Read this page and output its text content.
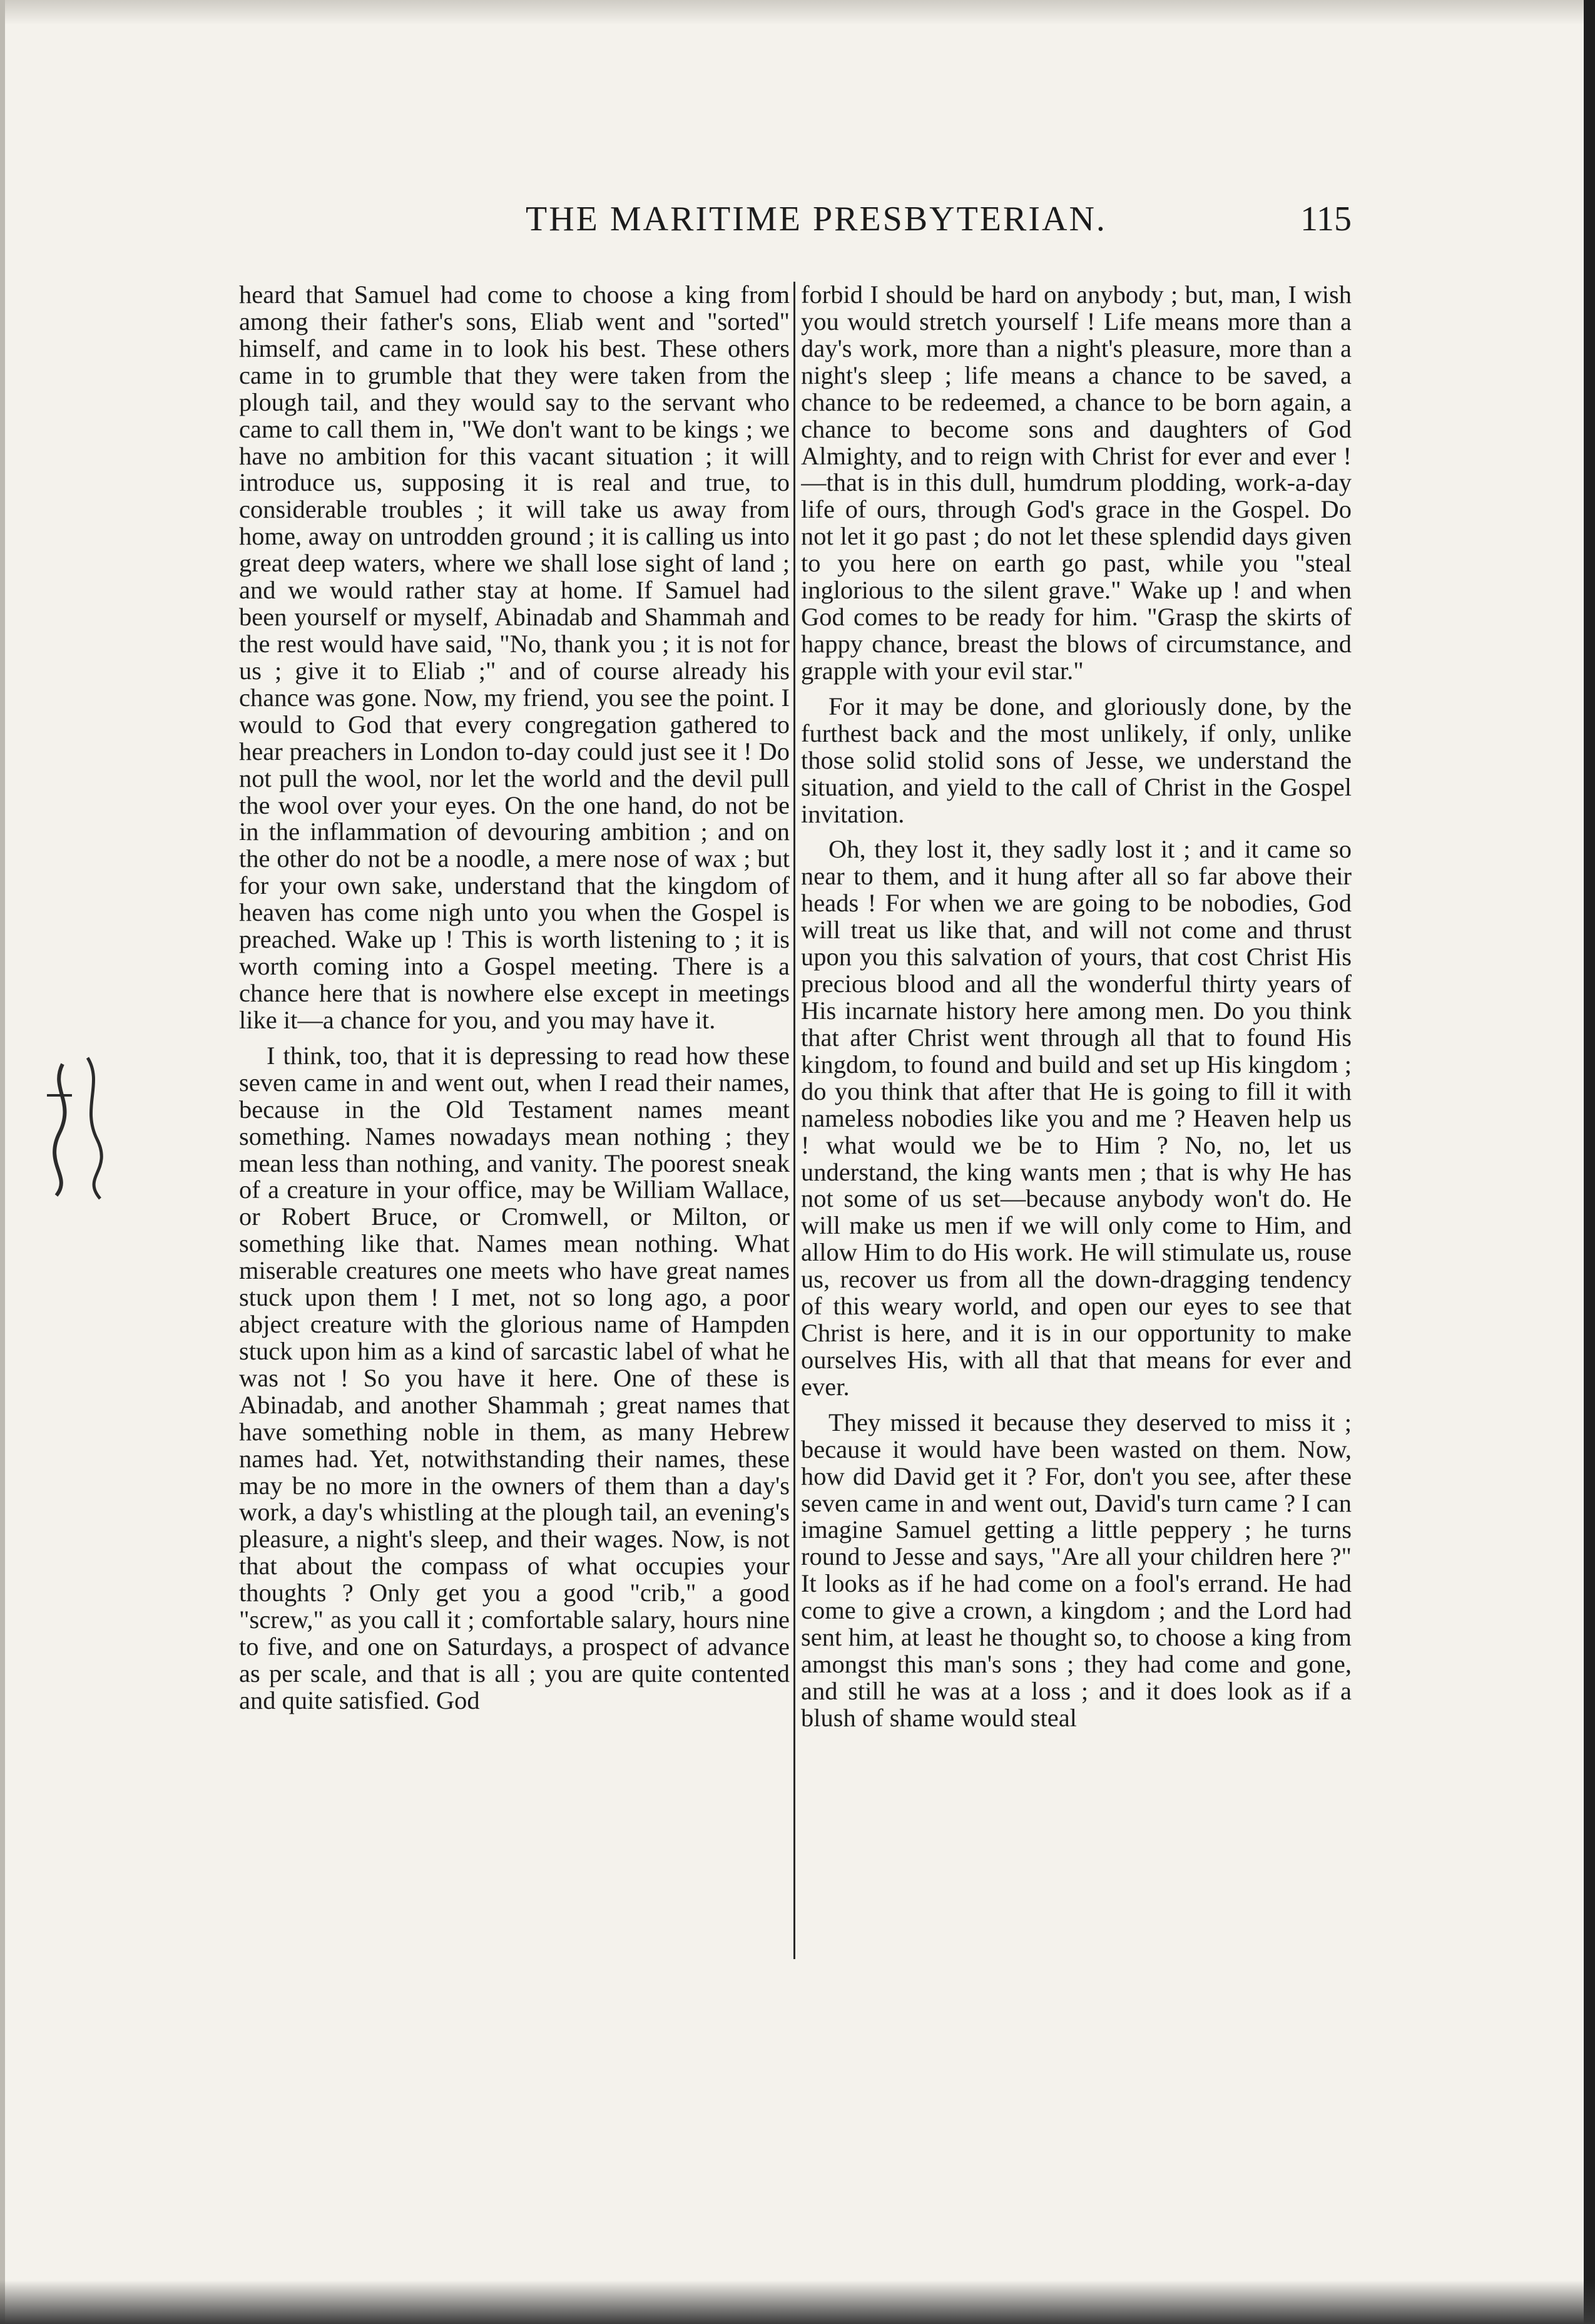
THE MARITIME PRESBYTERIAN.	115

heard that Samuel had come to choose a king from among their father's sons, Eliab went and "sorted" himself, and came in to look his best. These others came in to grumble that they were taken from the plough tail, and they would say to the servant who came to call them in, "We don't want to be kings ; we have no ambition for this vacant situation ; it will introduce us, supposing it is real and true, to considerable troubles ; it will take us away from home, away on untrodden ground ; it is calling us into great deep waters, where we shall lose sight of land ; and we would rather stay at home. If Samuel had been yourself or myself, Abinadab and Shammah and the rest would have said, "No, thank you ; it is not for us ; give it to Eliab ;" and of course already his chance was gone. Now, my friend, you see the point. I would to God that every congregation gathered to hear preachers in London to-day could just see it ! Do not pull the wool, nor let the world and the devil pull the wool over your eyes. On the one hand, do not be in the inflammation of devouring ambition ; and on the other do not be a noodle, a mere nose of wax ; but for your own sake, understand that the kingdom of heaven has come nigh unto you when the Gospel is preached. Wake up ! This is worth listening to ; it is worth coming into a Gospel meeting. There is a chance here that is nowhere else except in meetings like it—a chance for you, and you may have it.

I think, too, that it is depressing to read how these seven came in and went out, when I read their names, because in the Old Testament names meant something. Names nowadays mean nothing ; they mean less than nothing, and vanity. The poorest sneak of a creature in your office, may be William Wallace, or Robert Bruce, or Cromwell, or Milton, or something like that. Names mean nothing. What miserable creatures one meets who have great names stuck upon them ! I met, not so long ago, a poor abject creature with the glorious name of Hampden stuck upon him as a kind of sarcastic label of what he was not ! So you have it here. One of these is Abinadab, and another Shammah ; great names that have something noble in them, as many Hebrew names had. Yet, notwithstanding their names, these may be no more in the owners of them than a day's work, a day's whistling at the plough tail, an evening's pleasure, a night's sleep, and their wages. Now, is not that about the compass of what occupies your thoughts ? Only get you a good "crib," a good "screw," as you call it ; comfortable salary, hours nine to five, and one on Saturdays, a prospect of advance as per scale, and that is all ; you are quite contented and quite satisfied. God

forbid I should be hard on anybody ; but, man, I wish you would stretch yourself ! Life means more than a day's work, more than a night's pleasure, more than a night's sleep ; life means a chance to be saved, a chance to be redeemed, a chance to be born again, a chance to become sons and daughters of God Almighty, and to reign with Christ for ever and ever !—that is in this dull, humdrum plodding, work-a-day life of ours, through God's grace in the Gospel. Do not let it go past ; do not let these splendid days given to you here on earth go past, while you "steal inglorious to the silent grave." Wake up ! and when God comes to be ready for him. "Grasp the skirts of happy chance, breast the blows of circumstance, and grapple with your evil star."

For it may be done, and gloriously done, by the furthest back and the most unlikely, if only, unlike those solid stolid sons of Jesse, we understand the situation, and yield to the call of Christ in the Gospel invitation.

Oh, they lost it, they sadly lost it ; and it came so near to them, and it hung after all so far above their heads ! For when we are going to be nobodies, God will treat us like that, and will not come and thrust upon you this salvation of yours, that cost Christ His precious blood and all the wonderful thirty years of His incarnate history here among men. Do you think that after Christ went through all that to found His kingdom, to found and build and set up His kingdom ; do you think that after that He is going to fill it with nameless nobodies like you and me ? Heaven help us ! what would we be to Him ? No, no, let us understand, the king wants men ; that is why He has not some of us set—because anybody won't do. He will make us men if we will only come to Him, and allow Him to do His work. He will stimulate us, rouse us, recover us from all the down-dragging tendency of this weary world, and open our eyes to see that Christ is here, and it is in our opportunity to make ourselves His, with all that that means for ever and ever.

They missed it because they deserved to miss it ; because it would have been wasted on them. Now, how did David get it ? For, don't you see, after these seven came in and went out, David's turn came ? I can imagine Samuel getting a little peppery ; he turns round to Jesse and says, "Are all your children here ?" It looks as if he had come on a fool's errand. He had come to give a crown, a kingdom ; and the Lord had sent him, at least he thought so, to choose a king from amongst this man's sons ; they had come and gone, and still he was at a loss ; and it does look as if a blush of shame would steal
